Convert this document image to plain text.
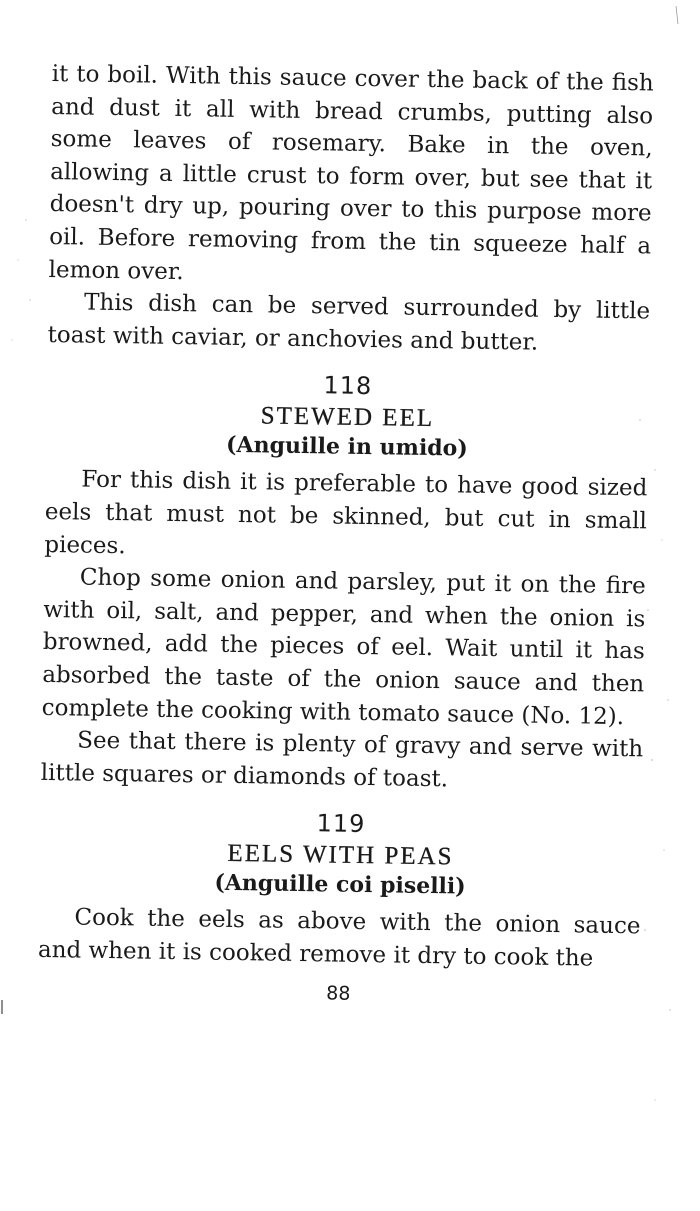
it to boil. With this sauce cover the back of the fish and dust it all with bread crumbs, putting also some leaves of rosemary. Bake in the oven, allowing a little crust to form over, but see that it doesn't dry up, pouring over to this purpose more oil. Before removing from the tin squeeze half a lemon over.

This dish can be served surrounded by little toast with caviar, or anchovies and butter.

118
STEWED EEL
(Anguille in umido)

For this dish it is preferable to have good sized eels that must not be skinned, but cut in small pieces.

Chop some onion and parsley, put it on the fire with oil, salt, and pepper, and when the onion is browned, add the pieces of eel. Wait until it has absorbed the taste of the onion sauce and then complete the cooking with tomato sauce (No. 12).

See that there is plenty of gravy and serve with little squares or diamonds of toast.

119
EELS WITH PEAS
(Anguille coi piselli)

Cook the eels as above with the onion sauce and when it is cooked remove it dry to cook the

88
